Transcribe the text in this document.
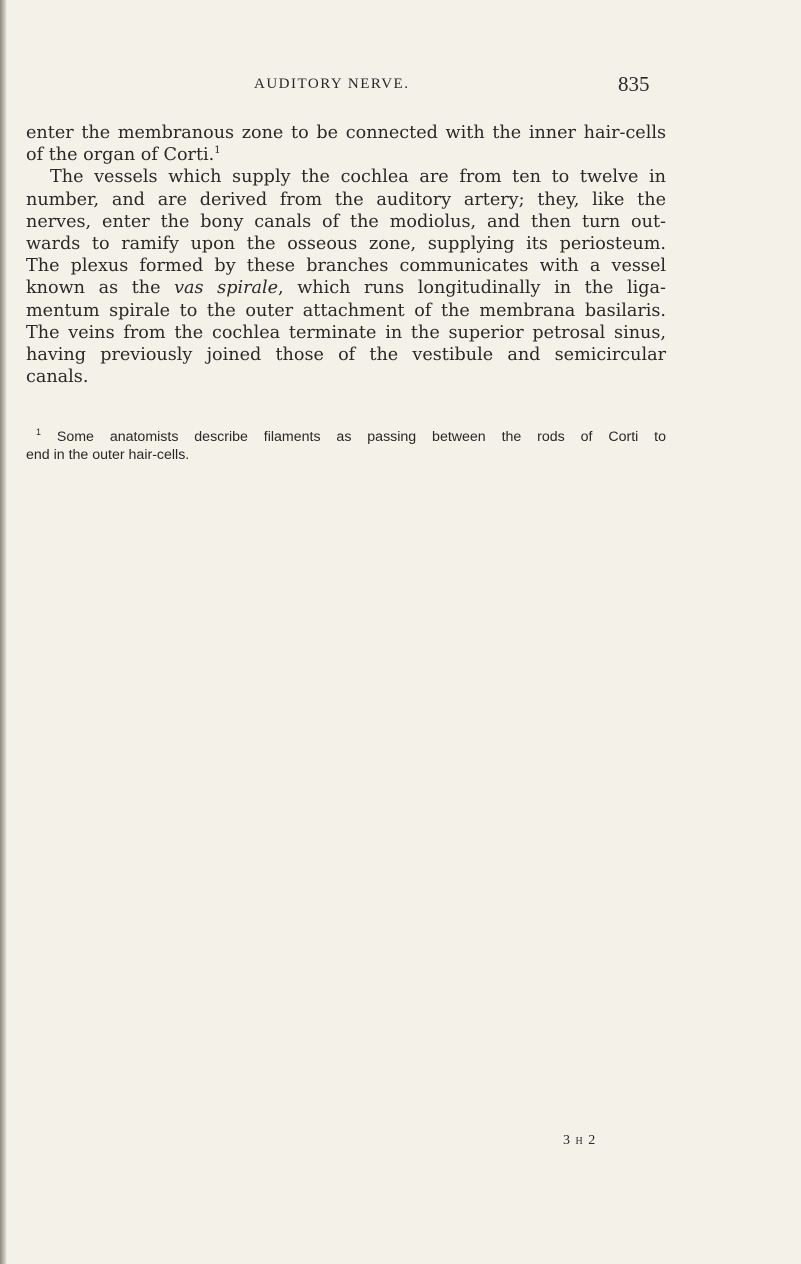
AUDITORY NERVE.	835
enter the membranous zone to be connected with the inner hair-cells
of the organ of Corti.$^1$
The vessels which supply the cochlea are from ten to twelve in
number, and are derived from the auditory artery; they, like the
nerves, enter the bony canals of the modiolus, and then turn out-
wards to ramify upon the osseous zone, supplying its periosteum.
The plexus formed by these branches communicates with a vessel
known as the vas spirale, which runs longitudinally in the liga-
mentum spirale to the outer attachment of the membrana basilaris.
The veins from the cochlea terminate in the superior petrosal sinus,
having previously joined those of the vestibule and semicircular
canals.
$^1$ Some anatomists describe filaments as passing between the rods of Corti to
end in the outer hair-cells.
3 H 2
